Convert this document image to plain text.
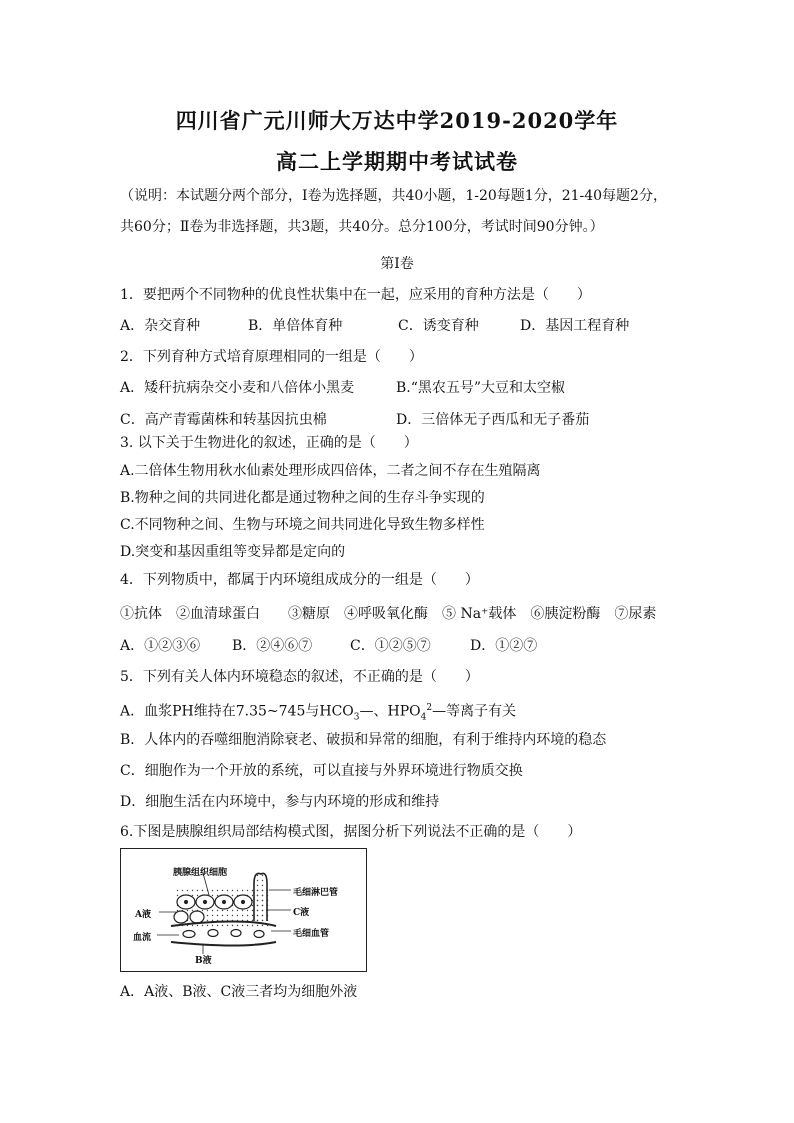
四川省广元川师大万达中学2019-2020学年
高二上学期期中考试试卷
（说明：本试题分两个部分，Ⅰ卷为选择题，共40小题，1-20每题1分，21-40每题2分，
共60分；Ⅱ卷为非选择题，共3题，共40分。总分100分，考试时间90分钟。）
第Ⅰ卷
1．要把两个不同物种的优良性状集中在一起，应采用的育种方法是（　　）
A．杂交育种	B．单倍体育种	C．诱变育种	D．基因工程育种
2．下列育种方式培育原理相同的一组是（　　）
A．矮秆抗病杂交小麦和八倍体小黑麦	B.“黑农五号”大豆和太空椒
C．高产青霉菌株和转基因抗虫棉	D．三倍体无子西瓜和无子番茄
3. 以下关于生物进化的叙述，正确的是（　　）
A.二倍体生物用秋水仙素处理形成四倍体，二者之间不存在生殖隔离
B.物种之间的共同进化都是通过物种之间的生存斗争实现的
C.不同物种之间、生物与环境之间共同进化导致生物多样性
D.突变和基因重组等变异都是定向的
4．下列物质中，都属于内环境组成成分的一组是（　　）
①抗体　②血清球蛋白　　③糖原　④呼吸氧化酶　⑤ Na⁺载体　⑥胰淀粉酶　⑦尿素
A．①②③⑥ B．②④⑥⑦	C．①②⑤⑦	D．①②⑦
5．下列有关人体内环境稳态的叙述，不正确的是（　　）
A．血浆PH维持在7.35~745与$HCO_3—$、$HPO_4^2—$等离子有关
B．人体内的吞噬细胞消除衰老、破损和异常的细胞，有利于维持内环境的稳态
C．细胞作为一个开放的系统，可以直接与外界环境进行物质交换
D．细胞生活在内环境中，参与内环境的形成和维持
6.下图是胰腺组织局部结构模式图，据图分析下列说法不正确的是（　　）
胰腺组织细胞
毛细淋巴管
C液
A液
血流	毛细血管
B液
A．A液、B液、C液三者均为细胞外液
